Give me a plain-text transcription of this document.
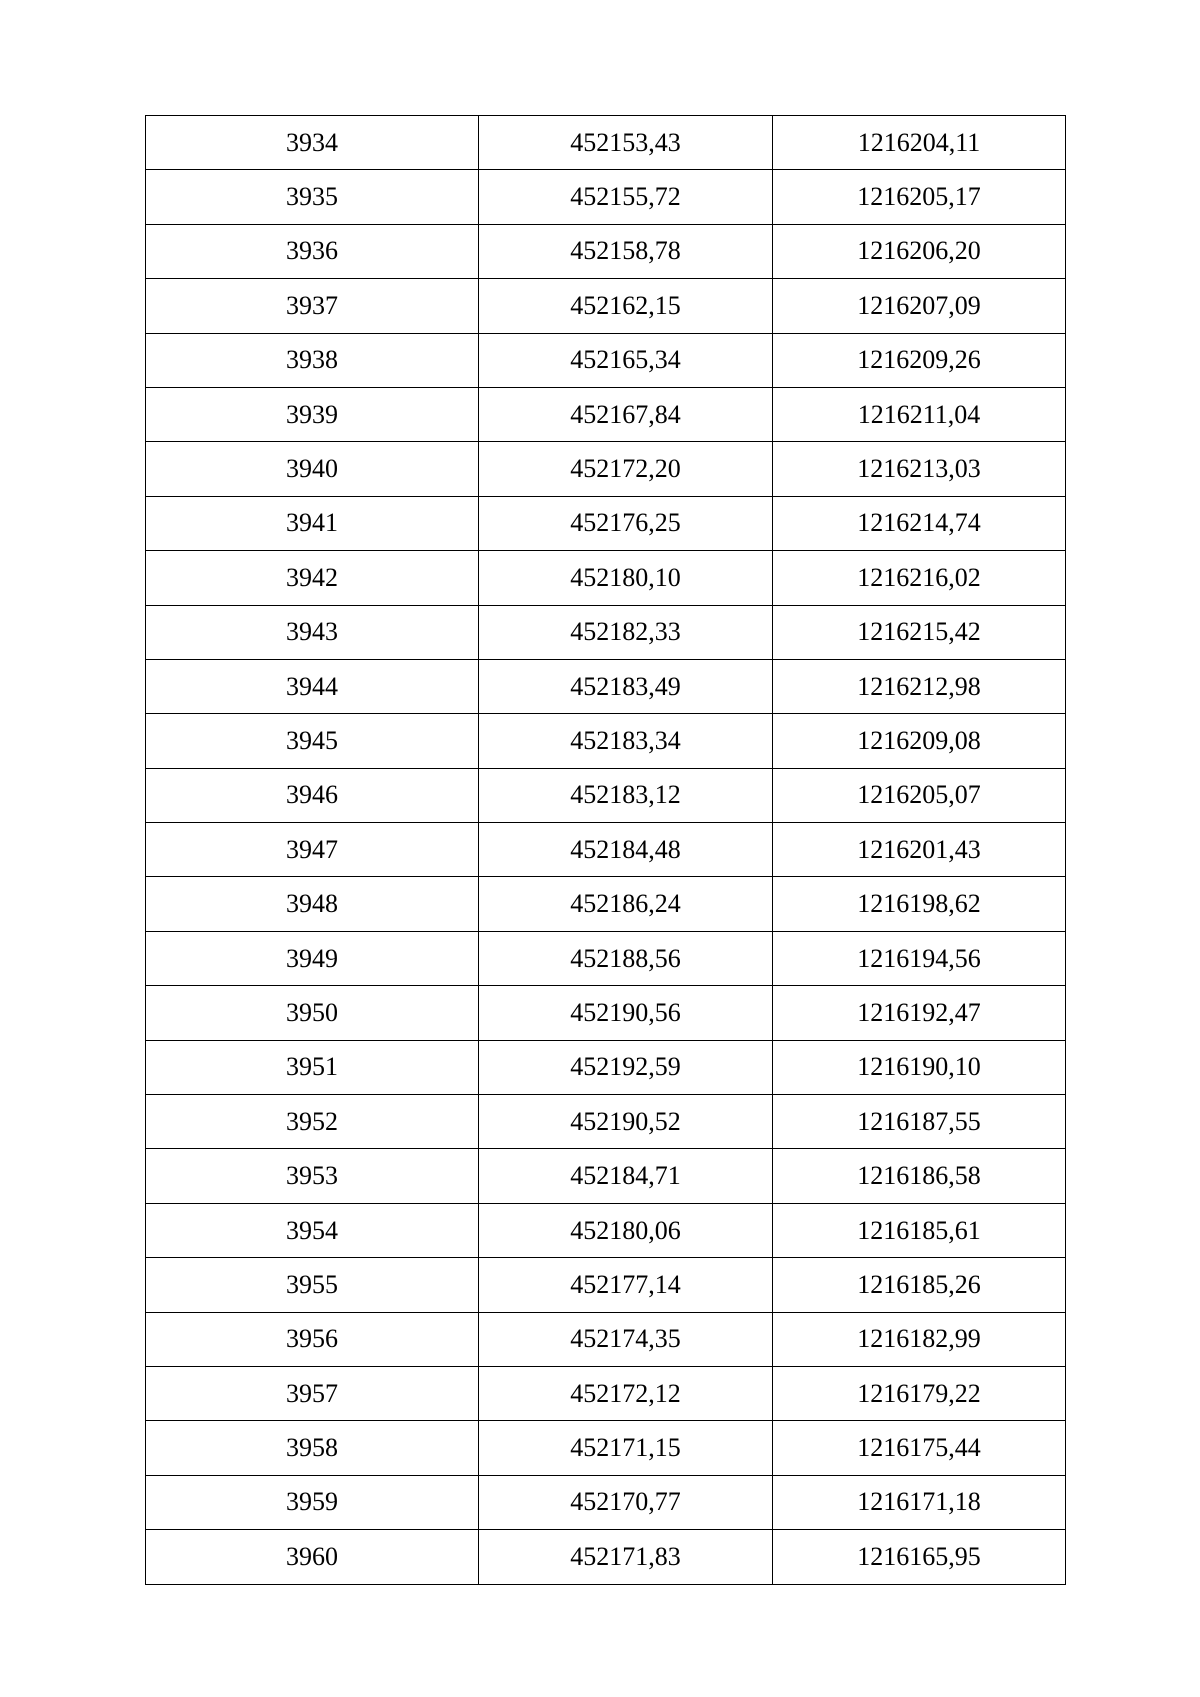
3934	452153,43	1216204,11
3935	452155,72	1216205,17
3936	452158,78	1216206,20
3937	452162,15	1216207,09
3938	452165,34	1216209,26
3939	452167,84	1216211,04
3940	452172,20	1216213,03
3941	452176,25	1216214,74
3942	452180,10	1216216,02
3943	452182,33	1216215,42
3944	452183,49	1216212,98
3945	452183,34	1216209,08
3946	452183,12	1216205,07
3947	452184,48	1216201,43
3948	452186,24	1216198,62
3949	452188,56	1216194,56
3950	452190,56	1216192,47
3951	452192,59	1216190,10
3952	452190,52	1216187,55
3953	452184,71	1216186,58
3954	452180,06	1216185,61
3955	452177,14	1216185,26
3956	452174,35	1216182,99
3957	452172,12	1216179,22
3958	452171,15	1216175,44
3959	452170,77	1216171,18
3960	452171,83	1216165,95
